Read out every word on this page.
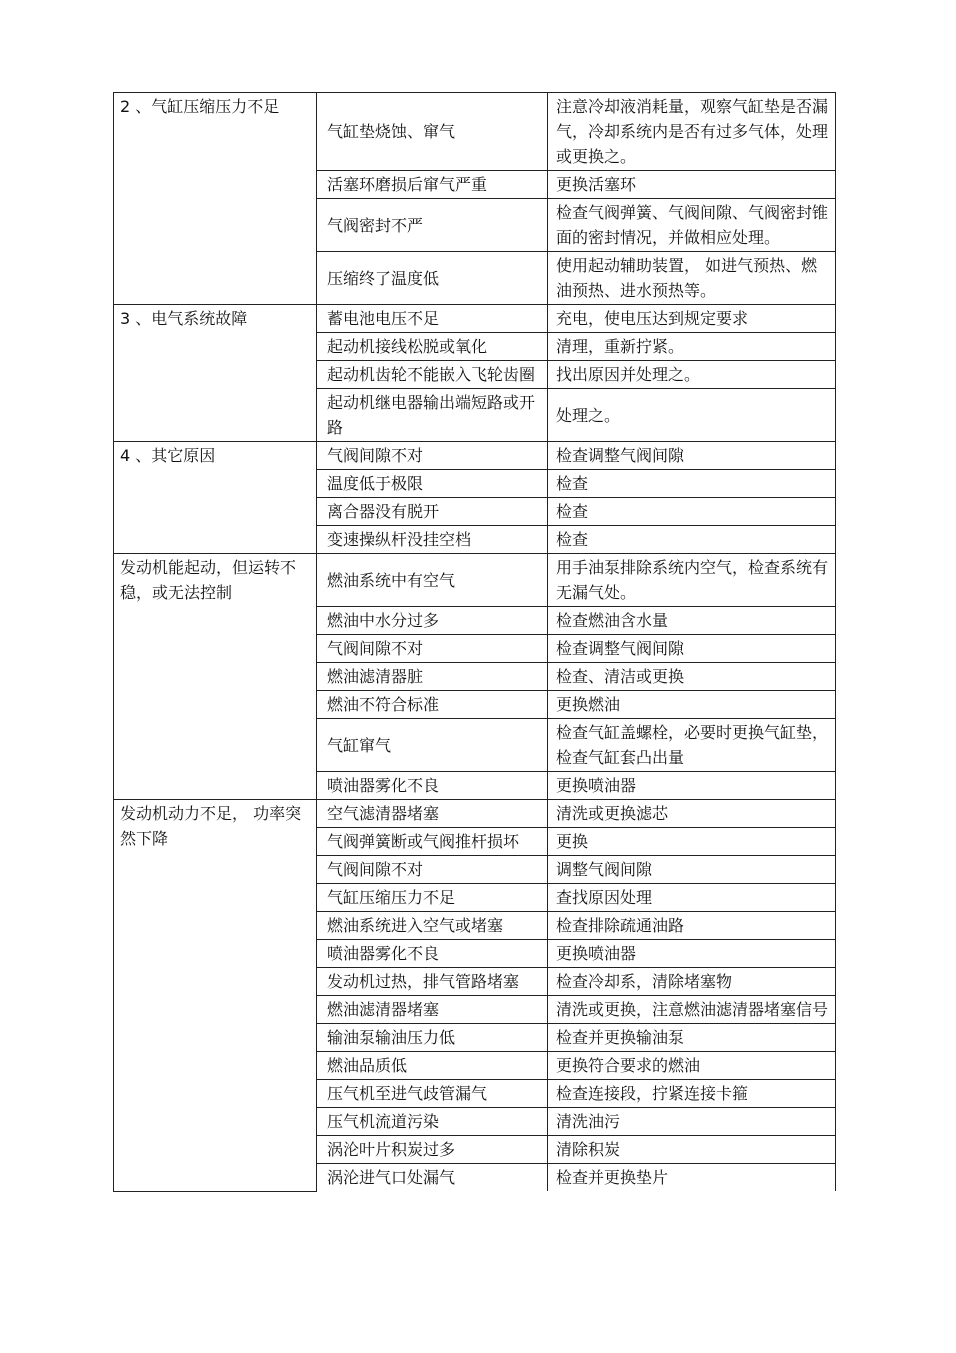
2 、气缸压缩压力不足	气缸垫烧蚀、窜气	注意冷却液消耗量，观察气缸垫是否漏气，冷却系统内是否有过多气体，处理或更换之。
	活塞环磨损后窜气严重	更换活塞环
	气阀密封不严	检查气阀弹簧、气阀间隙、气阀密封锥面的密封情况，并做相应处理。
	压缩终了温度低	使用起动辅助装置， 如进气预热、燃油预热、进水预热等。
3 、电气系统故障	蓄电池电压不足	充电，使电压达到规定要求
	起动机接线松脱或氧化	清理，重新拧紧。
	起动机齿轮不能嵌入飞轮齿圈	找出原因并处理之。
	起动机继电器输出端短路或开路	处理之。
4 、其它原因	气阀间隙不对	检查调整气阀间隙
	温度低于极限	检查
	离合器没有脱开	检查
	变速操纵杆没挂空档	检查
发动机能起动，但运转不稳，或无法控制	燃油系统中有空气	用手油泵排除系统内空气，检查系统有无漏气处。
	燃油中水分过多	检查燃油含水量
	气阀间隙不对	检查调整气阀间隙
	燃油滤清器脏	检查、清洁或更换
	燃油不符合标准	更换燃油
	气缸窜气	检查气缸盖螺栓，必要时更换气缸垫，检查气缸套凸出量
	喷油器雾化不良	更换喷油器
发动机动力不足， 功率突然下降	空气滤清器堵塞	清洗或更换滤芯
	气阀弹簧断或气阀推杆损坏	更换
	气阀间隙不对	调整气阀间隙
	气缸压缩压力不足	查找原因处理
	燃油系统进入空气或堵塞	检查排除疏通油路
	喷油器雾化不良	更换喷油器
	发动机过热，排气管路堵塞	检查冷却系，清除堵塞物
	燃油滤清器堵塞	清洗或更换，注意燃油滤清器堵塞信号
	输油泵输油压力低	检查并更换输油泵
	燃油品质低	更换符合要求的燃油
	压气机至进气歧管漏气	检查连接段，拧紧连接卡箍
	压气机流道污染	清洗油污
	涡沦叶片积炭过多	清除积炭
	涡沦进气口处漏气	检查并更换垫片
